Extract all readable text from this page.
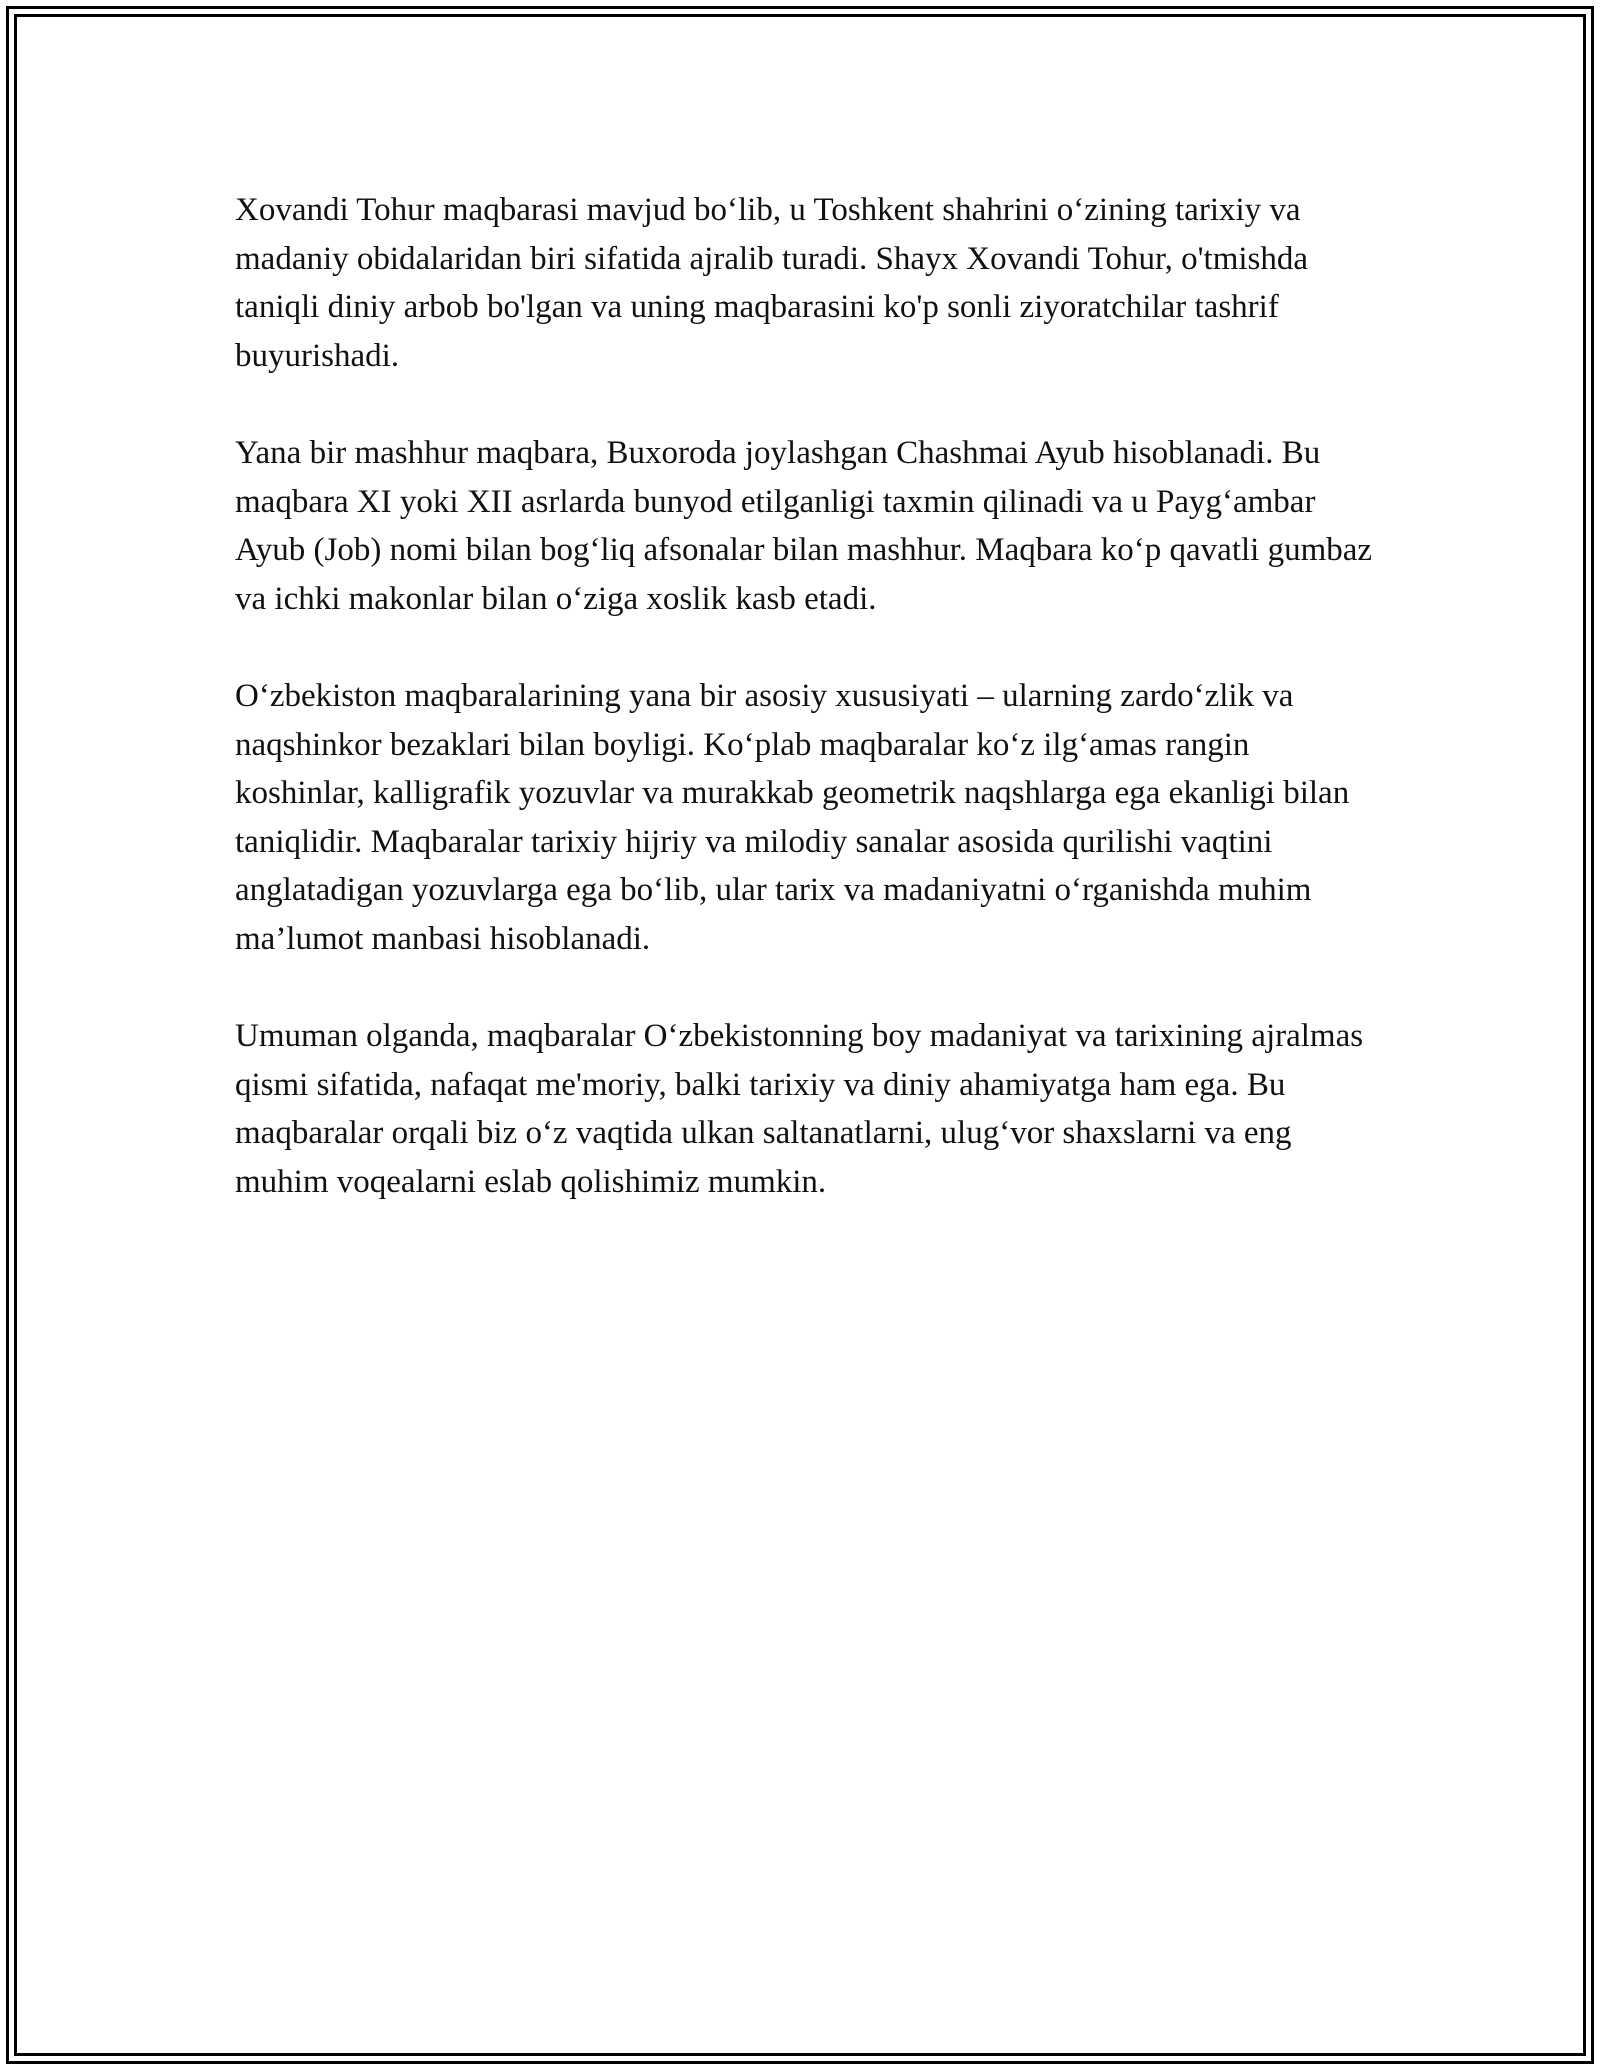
Xovandi Tohur maqbarasi mavjud bo‘lib, u Toshkent shahrini o‘zining tarixiy va madaniy obidalaridan biri sifatida ajralib turadi. Shayx Xovandi Tohur, o'tmishda taniqli diniy arbob bo'lgan va uning maqbarasini ko'p sonli ziyoratchilar tashrif buyurishadi.

Yana bir mashhur maqbara, Buxoroda joylashgan Chashmai Ayub hisoblanadi. Bu maqbara XI yoki XII asrlarda bunyod etilganligi taxmin qilinadi va u Payg‘ambar Ayub (Job) nomi bilan bog‘liq afsonalar bilan mashhur. Maqbara ko‘p qavatli gumbaz va ichki makonlar bilan o‘ziga xoslik kasb etadi.

O‘zbekiston maqbaralarining yana bir asosiy xususiyati – ularning zardo‘zlik va naqshinkor bezaklari bilan boyligi. Ko‘plab maqbaralar ko‘z ilg‘amas rangin koshinlar, kalligrafik yozuvlar va murakkab geometrik naqshlarga ega ekanligi bilan taniqlidir. Maqbaralar tarixiy hijriy va milodiy sanalar asosida qurilishi vaqtini anglatadigan yozuvlarga ega bo‘lib, ular tarix va madaniyatni o‘rganishda muhim ma’lumot manbasi hisoblanadi.

Umuman olganda, maqbaralar O‘zbekistonning boy madaniyat va tarixining ajralmas qismi sifatida, nafaqat me'moriy, balki tarixiy va diniy ahamiyatga ham ega. Bu maqbaralar orqali biz o‘z vaqtida ulkan saltanatlarni, ulug‘vor shaxslarni va eng muhim voqealarni eslab qolishimiz mumkin.
